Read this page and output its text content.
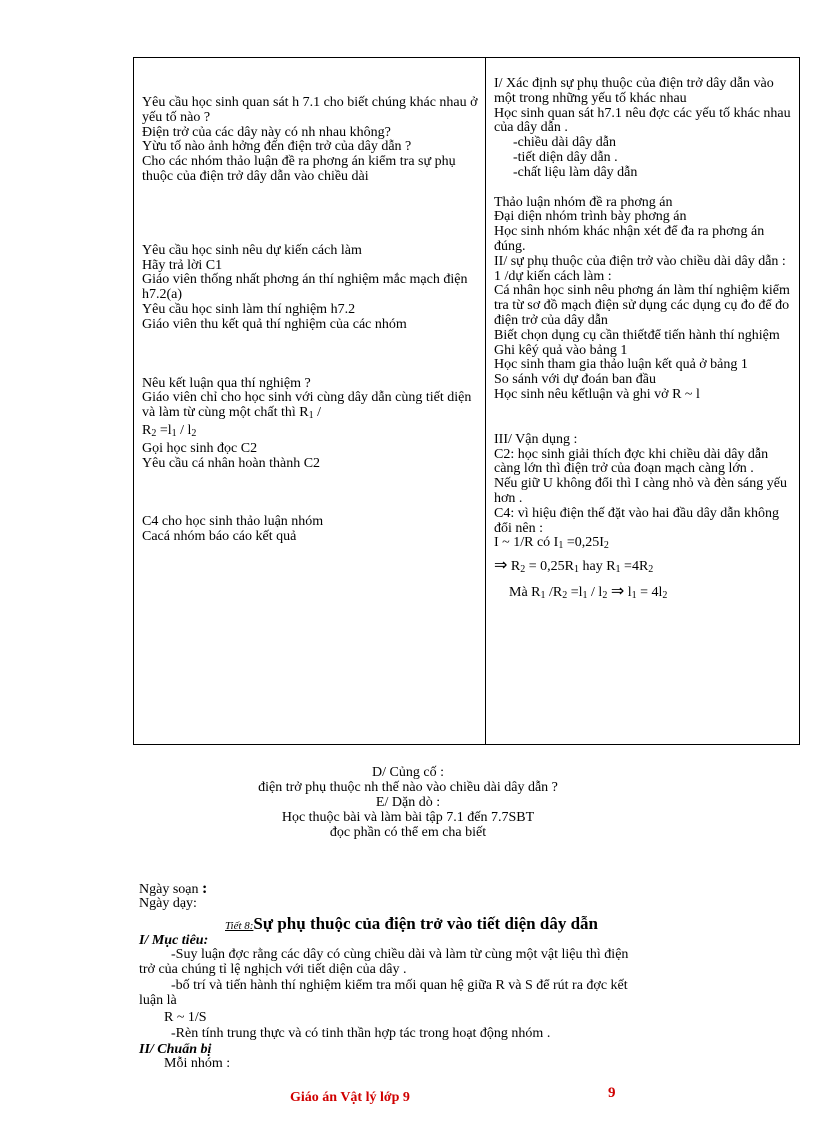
Yêu cầu học sinh quan sát h 7.1 cho biết chúng khác nhau ở yếu tố nào ?
Điện trở của các dây này có nh nhau không?
Yừu tố nào ảnh hởng đến điện trở của dây dẫn ?
Cho các nhóm thảo luận đề ra phơng án kiểm tra sự phụ thuộc của điện trở dây dẫn vào chiều dài
Yêu cầu học sinh nêu dự kiến cách làm
Hãy trả lời C1
Giáo viên thống nhất phơng án thí nghiệm mắc mạch điện h7.2(a)
Yêu cầu học sinh làm thí nghiệm h7.2
Giáo viên thu kết quả thí nghiệm của các nhóm
Nêu kết luận qua thí nghiệm ?
Giáo viên chỉ cho học sinh với cùng dây dẫn cùng tiết diện và làm từ cùng một chất thì $R_1$ /
$R_2 =l_1 / l_2$
Gọi học sinh đọc C2
Yêu cầu cá nhân hoàn thành C2
C4 cho học sinh thảo luận nhóm
Cacá nhóm báo cáo kết quả
I/ Xác định sự phụ thuộc của điện trở dây dẫn vào một trong những yếu tố khác nhau
Học sinh quan sát h7.1 nêu đợc các yếu tố khác nhau của dây dẫn .
-chiều dài dây dẫn
-tiết diện dây dẫn .
-chất liệu làm dây dẫn
Thảo luận nhóm đề ra phơng án
Đại diện nhóm trình bày phơng án
Học sinh nhóm khác nhận xét để đa ra phơng án đúng.
II/ sự phụ thuộc của điện trở vào chiều dài dây dẫn :
1 /dự kiến cách làm :
Cá nhân học sinh nêu phơng án làm thí nghiệm kiểm tra từ sơ đồ mạch điện sử dụng các dụng cụ đo để đo điện trở của dây dẫn
Biết chọn dụng cụ cần thiếtđể tiến hành thí nghiệm
Ghi kêý quả vào bảng 1
Học sinh tham gia thảo luận kết quả ở bảng 1
So sánh với dự đoán ban đầu
Học sinh nêu kếtluận và ghi vở R ~ l
III/ Vận dụng :
C2: học sinh giải thích đợc khi chiều dài dây dẫn càng lớn thì điện trở của đoạn mạch càng lớn .
Nếu giữ U không đổi thì I càng nhỏ và đèn sáng yếu hơn .
C4: vì hiệu điện thế đặt vào hai đầu dây dẫn không đổi nên :
I ~ 1/R có $I_1 =0,25I_2$
⇒ $R_2 = 0,25R_1$ hay $R_1 =4R_2$
Mà $R_1$ $/R_2 =l_1 / l_2$ ⇒ $l_1 = 4l_2$
D/ Củng cố :
điện trở phụ thuộc nh thế nào vào chiều dài dây dẫn ?
E/ Dặn dò :
Học thuộc bài và làm bài tập 7.1 đến 7.7SBT
đọc phần có thể em cha biết
Ngày soạn :
Ngày dạy:
Tiết 8:Sự phụ thuộc của điện trở vào tiết diện dây dẫn
I/ Mục tiêu:
-Suy luận đợc rằng các dây có cùng chiều dài và làm từ cùng một vật liệu thì điện
trở của chúng tỉ lệ nghịch với tiết diện của dây .
-bố trí và tiến hành thí nghiệm kiểm tra mối quan hệ giữa R và S để rút ra đợc kết
luận là
R ~ 1/S
-Rèn tính trung thực và có tinh thần hợp tác trong hoạt động nhóm .
II/ Chuẩn bị
Mỗi nhóm :
Giáo án Vật lý lớp 9	9
